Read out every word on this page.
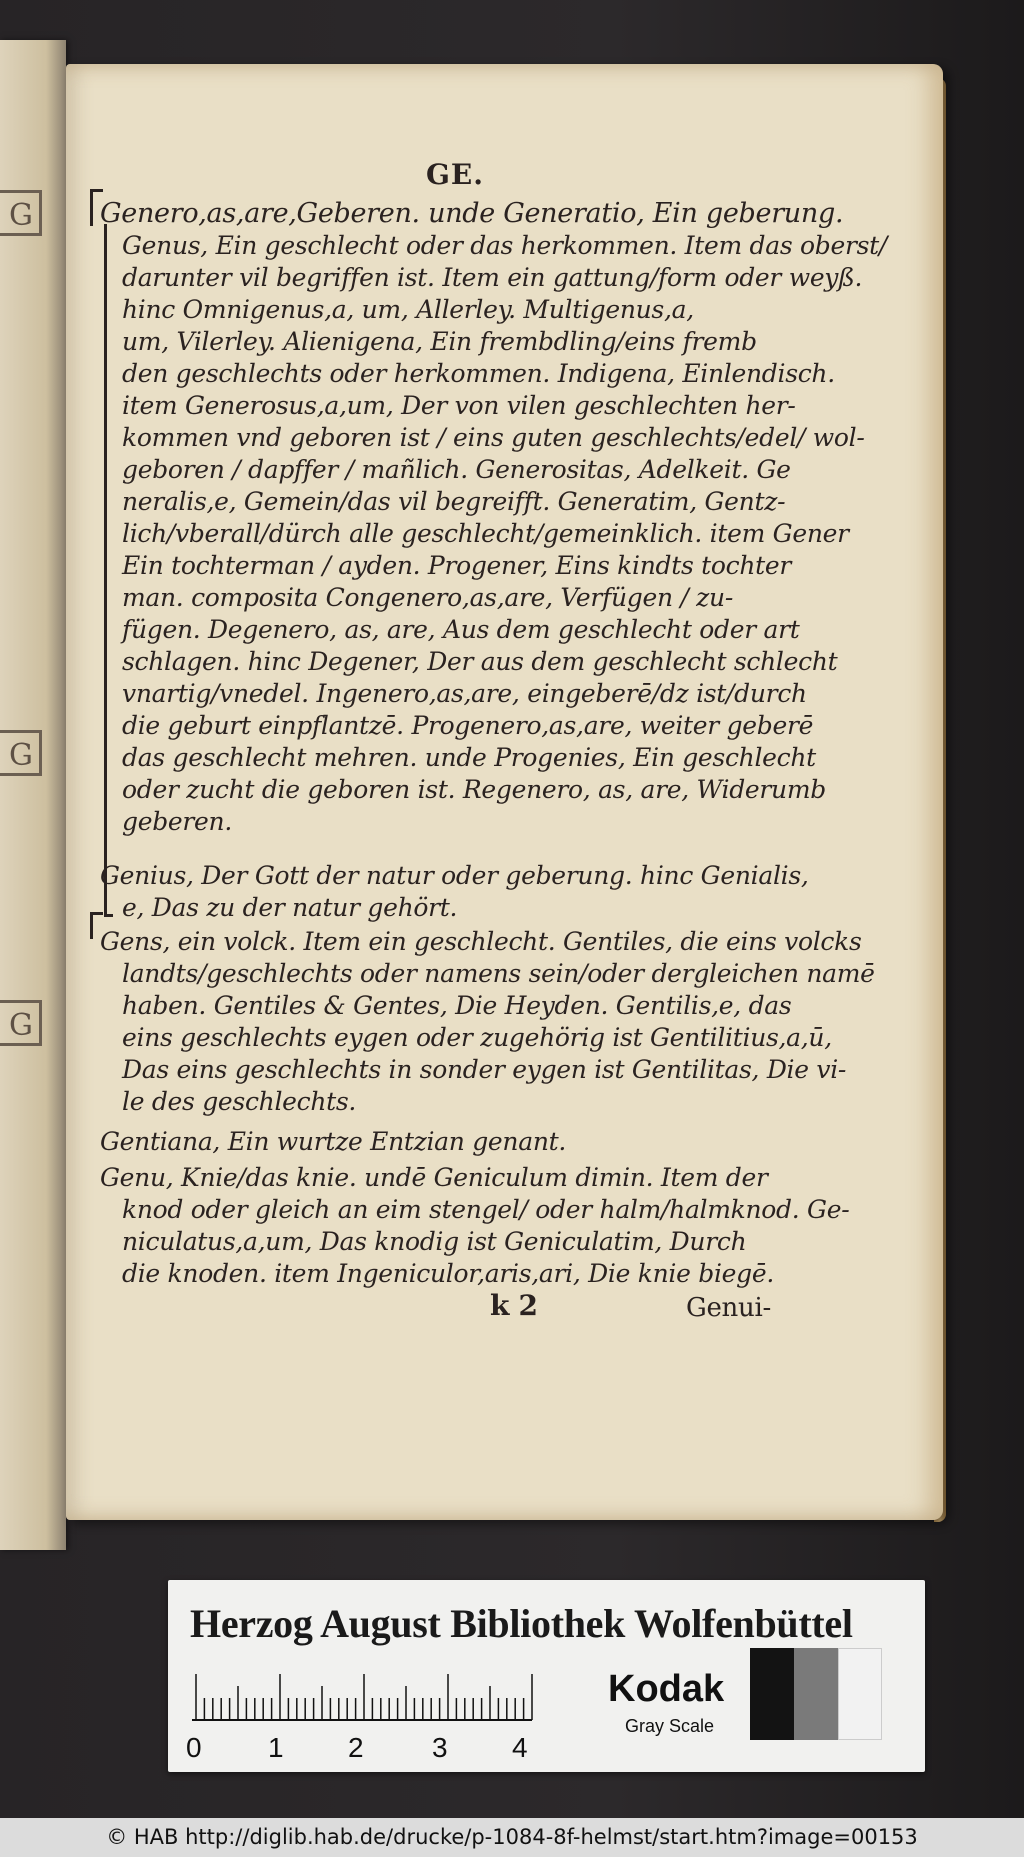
G
G
G
GE.

Genero,as,are,Geberen. unde Generatio, Ein geberung.

Genus, Ein geschlecht oder das herkommen. Item das oberst/

darunter vil begriffen ist. Item ein gattung/form oder weyß.

hinc Omnigenus,a, um, Allerley. Multigenus,a,

um, Vilerley. Alienigena, Ein frembdling/eins fremb

den geschlechts oder herkommen. Indigena, Einlendisch.

item Generosus,a,um, Der von vilen geschlechten her-

kommen vnd geboren ist / eins guten geschlechts/edel/ wol-

geboren / dapffer / mañlich. Generositas, Adelkeit. Ge

neralis,e, Gemein/das vil begreifft. Generatim, Gentz-

lich/vberall/dürch alle geschlecht/gemeinklich. item Gener

Ein tochterman / ayden. Progener, Eins kindts tochter

man. composita Congenero,as,are, Verfügen / zu-

fügen. Degenero, as, are, Aus dem geschlecht oder art

schlagen. hinc Degener, Der aus dem geschlecht schlecht

vnartig/vnedel. Ingenero,as,are, eingeberē/dz ist/durch

die geburt einpflantzē. Progenero,as,are, weiter geberē

das geschlecht mehren. unde Progenies, Ein geschlecht

oder zucht die geboren ist. Regenero, as, are, Widerumb

geberen.

Genius, Der Gott der natur oder geberung. hinc Genialis,

e, Das zu der natur gehört.

Gens, ein volck. Item ein geschlecht. Gentiles, die eins volcks

landts/geschlechts oder namens sein/oder dergleichen namē

haben. Gentiles & Gentes, Die Heyden. Gentilis,e, das

eins geschlechts eygen oder zugehörig ist Gentilitius,a,ū,

Das eins geschlechts in sonder eygen ist Gentilitas, Die vi-

le des geschlechts.

Gentiana, Ein wurtze Entzian genant.

Genu, Knie/das knie. undē Geniculum dimin. Item der

knod oder gleich an eim stengel/ oder halm/halmknod. Ge-

niculatus,a,um, Das knodig ist Geniculatim, Durch

die knoden. item Ingeniculor,aris,ari, Die knie biegē.

k 2	Genui-
Herzog August Bibliothek Wolfenbüttel
0 1 2 3 4
Kodak
Gray Scale
© HAB http://diglib.hab.de/drucke/p-1084-8f-helmst/start.htm?image=00153
